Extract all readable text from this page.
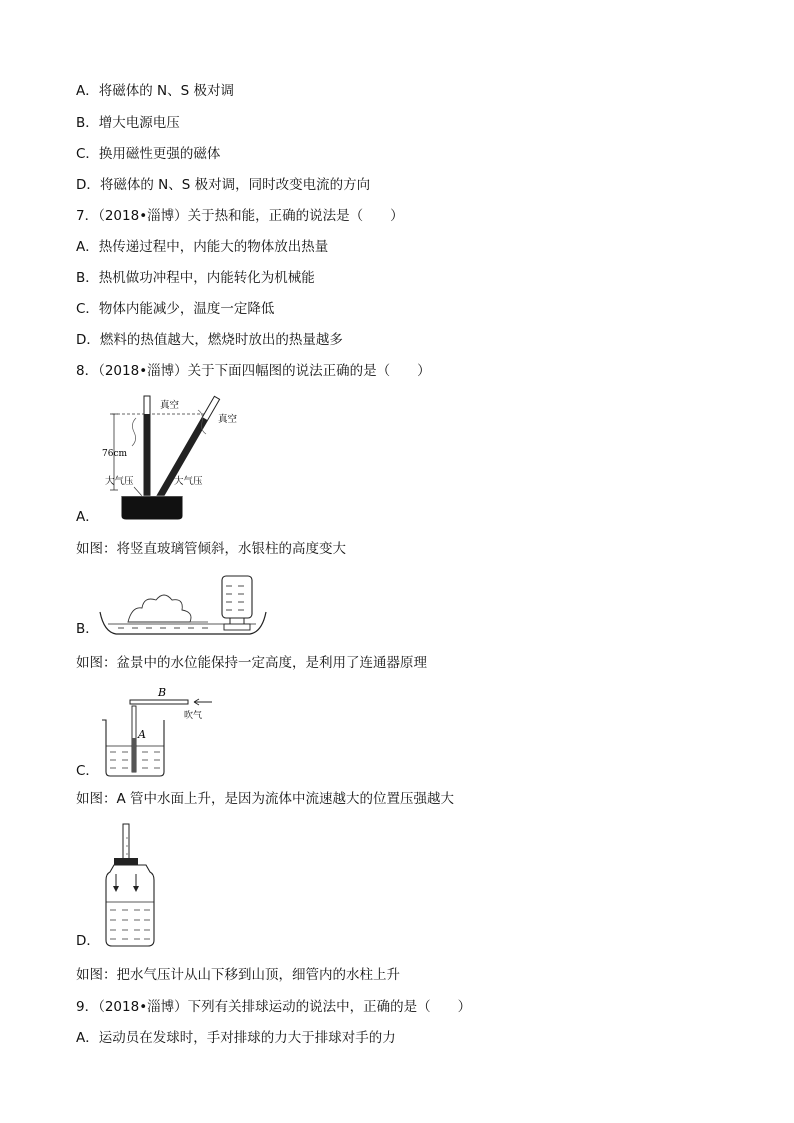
A．将磁体的 N、S 极对调
B．增大电源电压
C．换用磁性更强的磁体
D．将磁体的 N、S 极对调，同时改变电流的方向
7．（2018•淄博）关于热和能，正确的说法是（　　）
A．热传递过程中，内能大的物体放出热量
B．热机做功冲程中，内能转化为机械能
C．物体内能减少，温度一定降低
D．燃料的热值越大，燃烧时放出的热量越多
8．（2018•淄博）关于下面四幅图的说法正确的是（　　）
76cm
真空
真空
大气压	大气压
A．
如图：将竖直玻璃管倾斜，水银柱的高度变大
B．
如图：盆景中的水位能保持一定高度，是利用了连通器原理
B
吹气
A
C．
如图：A 管中水面上升，是因为流体中流速越大的位置压强越大
D．
如图：把水气压计从山下移到山顶，细管内的水柱上升
9．（2018•淄博）下列有关排球运动的说法中，正确的是（　　）
A．运动员在发球时，手对排球的力大于排球对手的力
